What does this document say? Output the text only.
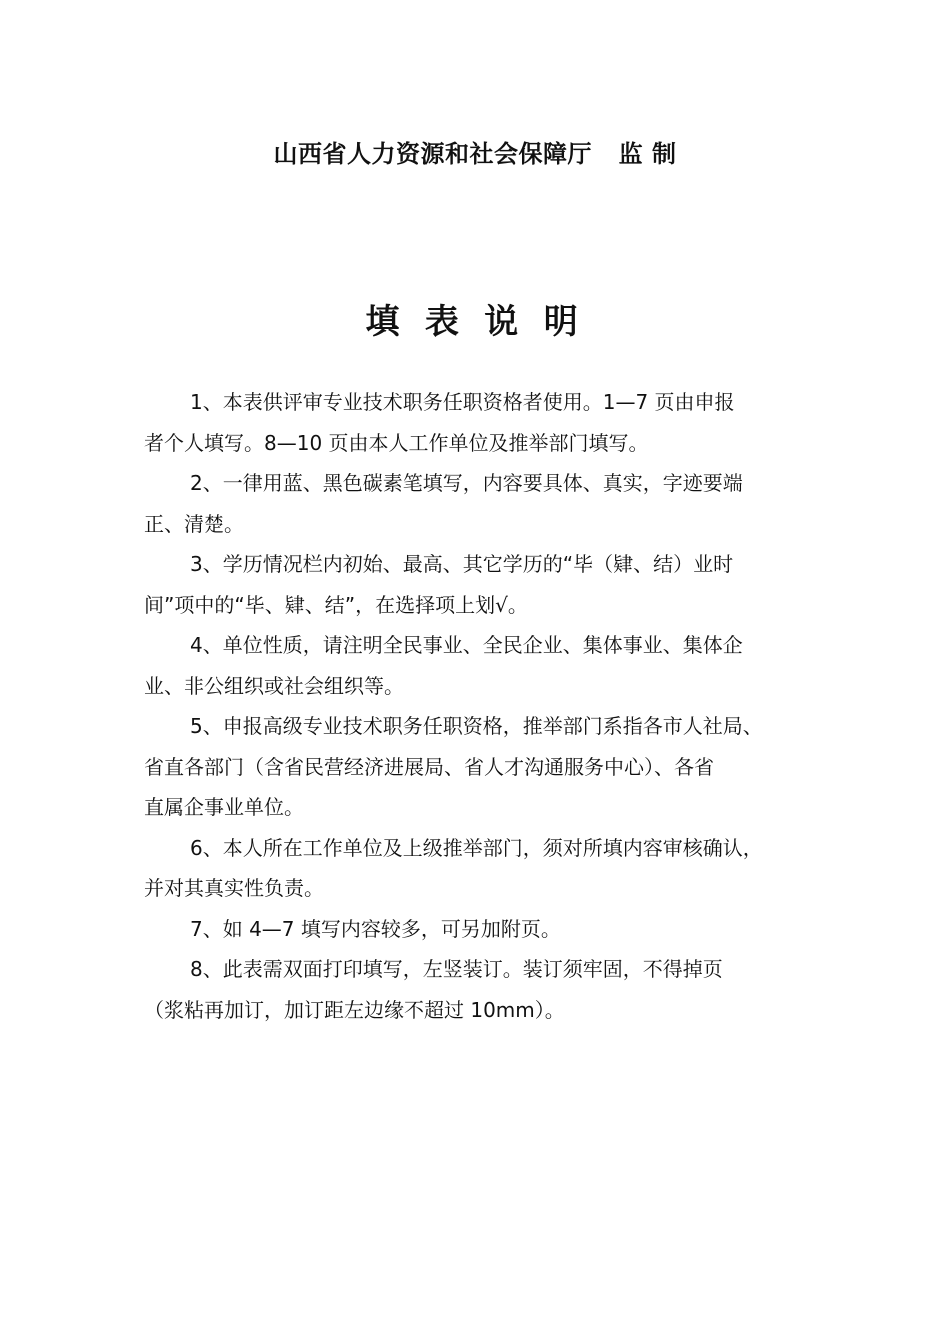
山西省人力资源和社会保障厅   监 制
填 表 说 明
1、本表供评审专业技术职务任职资格者使用。1—7 页由申报
者个人填写。8—10 页由本人工作单位及推举部门填写。
2、一律用蓝、黑色碳素笔填写，内容要具体、真实，字迹要端
正、清楚。
3、学历情况栏内初始、最高、其它学历的“毕（肄、结）业时
间”项中的“毕、肄、结”，在选择项上划√。
4、单位性质，请注明全民事业、全民企业、集体事业、集体企
业、非公组织或社会组织等。
5、申报高级专业技术职务任职资格，推举部门系指各市人社局、
省直各部门（含省民营经济进展局、省人才沟通服务中心）、各省
直属企事业单位。
6、本人所在工作单位及上级推举部门，须对所填内容审核确认，
并对其真实性负责。
7、如 4—7 填写内容较多，可另加附页。
8、此表需双面打印填写，左竖装订。装订须牢固，不得掉页
（浆粘再加订，加订距左边缘不超过 10mm）。
